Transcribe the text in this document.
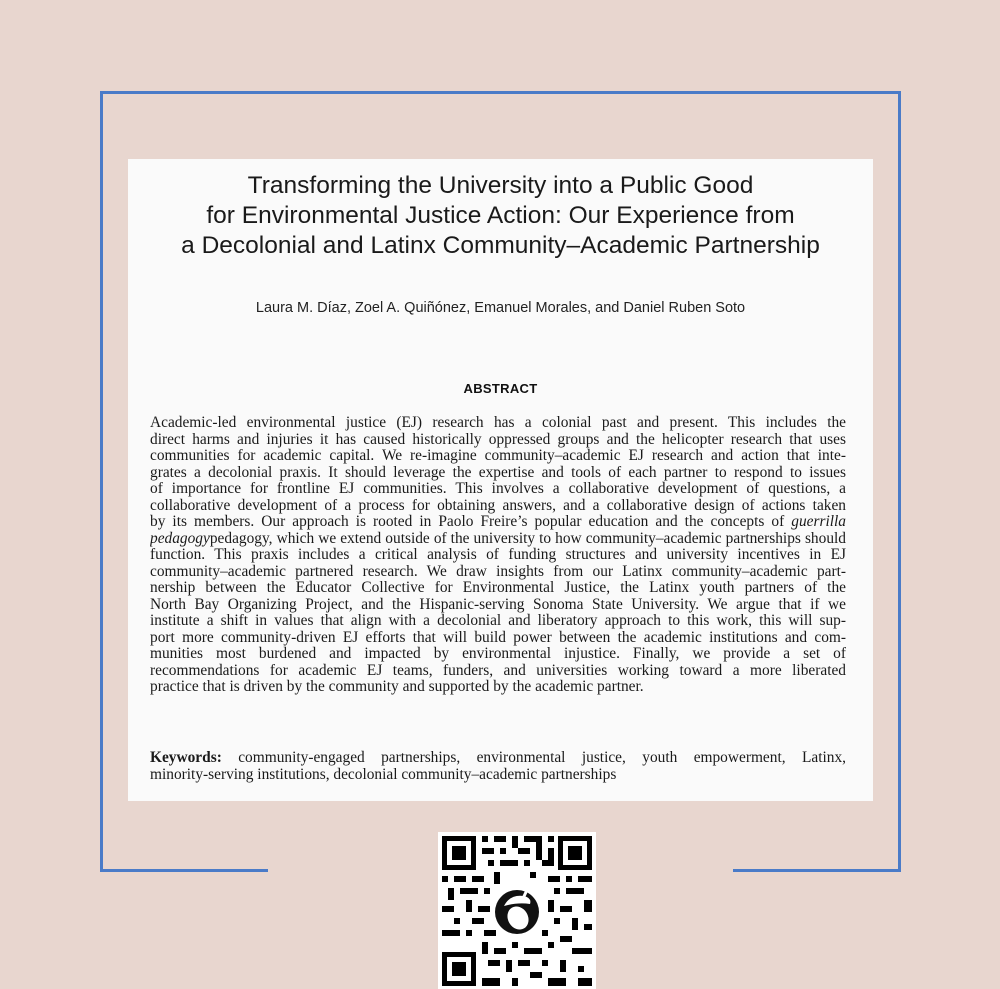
Transforming the University into a Public Good
for Environmental Justice Action: Our Experience from
a Decolonial and Latinx Community–Academic Partnership
Laura M. Díaz, Zoel A. Quiñónez, Emanuel Morales, and Daniel Ruben Soto
ABSTRACT
Academic-led environmental justice (EJ) research has a colonial past and present. This includes the
direct harms and injuries it has caused historically oppressed groups and the helicopter research that uses
communities for academic capital. We re-imagine community–academic EJ research and action that inte-
grates a decolonial praxis. It should leverage the expertise and tools of each partner to respond to issues
of importance for frontline EJ communities. This involves a collaborative development of questions, a
collaborative development of a process for obtaining answers, and a collaborative design of actions taken
by its members. Our approach is rooted in Paolo Freire’s popular education and the concepts of guerrilla
pedagogypedagogy, which we extend outside of the university to how community–academic partnerships should
function. This praxis includes a critical analysis of funding structures and university incentives in EJ
community–academic partnered research. We draw insights from our Latinx community–academic part-
nership between the Educator Collective for Environmental Justice, the Latinx youth partners of the
North Bay Organizing Project, and the Hispanic-serving Sonoma State University. We argue that if we
institute a shift in values that align with a decolonial and liberatory approach to this work, this will sup-
port more community-driven EJ efforts that will build power between the academic institutions and com-
munities most burdened and impacted by environmental injustice. Finally, we provide a set of
recommendations for academic EJ teams, funders, and universities working toward a more liberated
practice that is driven by the community and supported by the academic partner.
Keywords: community-engaged partnerships, environmental justice, youth empowerment, Latinx,
minority-serving institutions, decolonial community–academic partnerships
